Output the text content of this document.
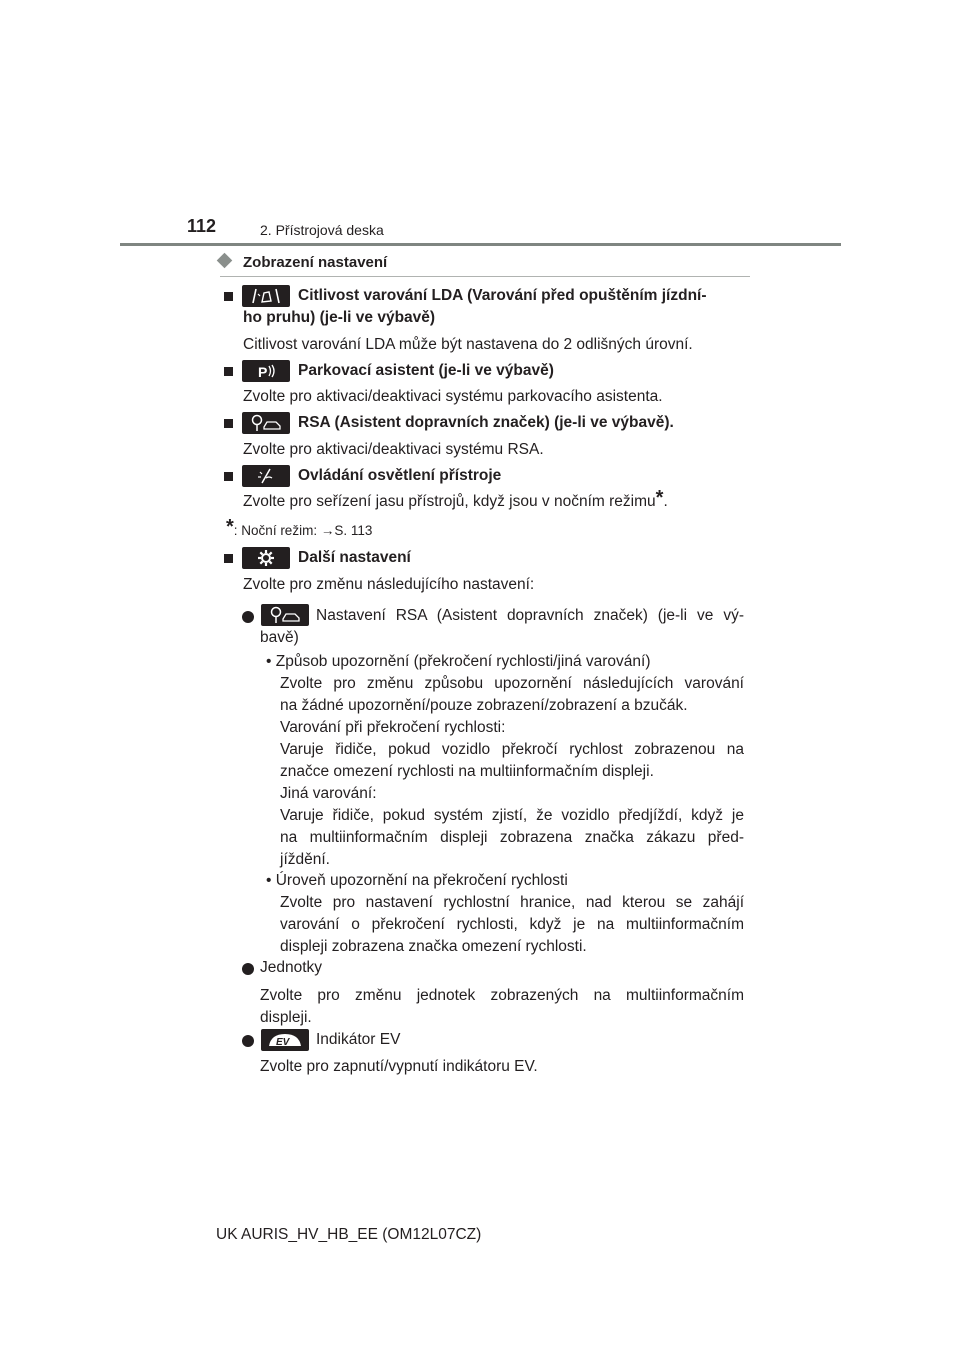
112	2. Přístrojová deska
Zobrazení nastavení
Citlivost varování LDA (Varování před opuštěním jízdní-
ho pruhu) (je-li ve výbavě)
Citlivost varování LDA může být nastavena do 2 odlišných úrovní.
P Parkovací asistent (je-li ve výbavě)
Zvolte pro aktivaci/deaktivaci systému parkovacího asistenta.
RSA (Asistent dopravních značek) (je-li ve výbavě).
Zvolte pro aktivaci/deaktivaci systému RSA.
Ovládání osvětlení přístroje
Zvolte pro seřízení jasu přístrojů, když jsou v nočním režimu*.
*: Noční režim: →S. 113
Další nastavení
Zvolte pro změnu následujícího nastavení:
Nastavení RSA (Asistent dopravních značek) (je-li ve vý-
bavě)
• Způsob upozornění (překročení rychlosti/jiná varování)
Zvolte pro změnu způsobu upozornění následujících varování
na žádné upozornění/pouze zobrazení/zobrazení a bzučák.
Varování při překročení rychlosti:
Varuje řidiče, pokud vozidlo překročí rychlost zobrazenou na
značce omezení rychlosti na multiinformačním displeji.
Jiná varování:
Varuje řidiče, pokud systém zjistí, že vozidlo předjíždí, když je
na multiinformačním displeji zobrazena značka zákazu před-
jíždění.
• Úroveň upozornění na překročení rychlosti
Zvolte pro nastavení rychlostní hranice, nad kterou se zahájí
varování o překročení rychlosti, když je na multiinformačním
displeji zobrazena značka omezení rychlosti.
Jednotky
Zvolte pro změnu jednotek zobrazených na multiinformačním
displeji.
EV Indikátor EV
Zvolte pro zapnutí/vypnutí indikátoru EV.
UK AURIS_HV_HB_EE (OM12L07CZ)
